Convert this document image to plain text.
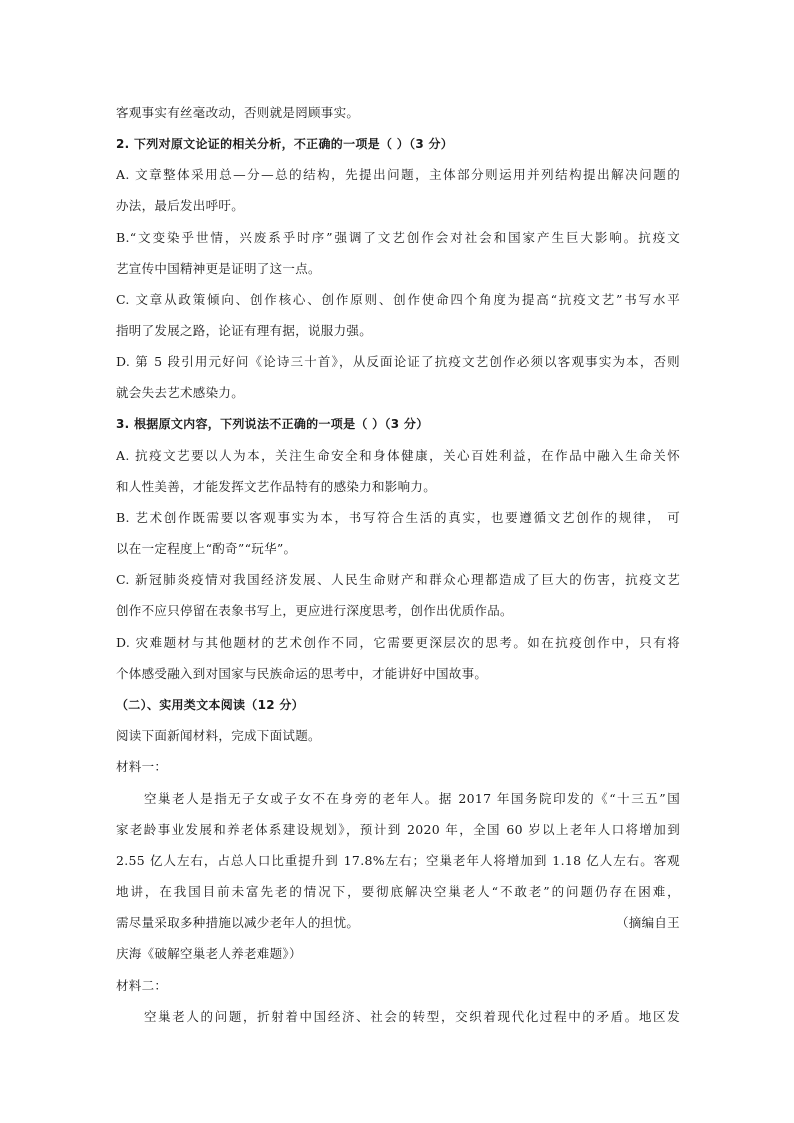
客观事实有丝毫改动，否则就是罔顾事实。
2. 下列对原文论证的相关分析，不正确的一项是（ ）（3 分）
A. 文章整体采用总—分—总的结构，先提出问题，主体部分则运用并列结构提出解决问题的
办法，最后发出呼吁。
B.“文变染乎世情，兴废系乎时序”强调了文艺创作会对社会和国家产生巨大影响。抗疫文
艺宣传中国精神更是证明了这一点。
C. 文章从政策倾向、创作核心、创作原则、创作使命四个角度为提高“抗疫文艺”书写水平
指明了发展之路，论证有理有据，说服力强。
D. 第 5 段引用元好问《论诗三十首》，从反面论证了抗疫文艺创作必须以客观事实为本，否则
就会失去艺术感染力。
3. 根据原文内容，下列说法不正确的一项是（ ）（3 分）
A. 抗疫文艺要以人为本，关注生命安全和身体健康，关心百姓利益，在作品中融入生命关怀
和人性美善，才能发挥文艺作品特有的感染力和影响力。
B. 艺术创作既需要以客观事实为本，书写符合生活的真实，也要遵循文艺创作的规律， 可
以在一定程度上“酌奇”“玩华”。
C. 新冠肺炎疫情对我国经济发展、人民生命财产和群众心理都造成了巨大的伤害，抗疫文艺
创作不应只停留在表象书写上，更应进行深度思考，创作出优质作品。
D. 灾难题材与其他题材的艺术创作不同，它需要更深层次的思考。如在抗疫创作中，只有将
个体感受融入到对国家与民族命运的思考中，才能讲好中国故事。
（二）、实用类文本阅读（12 分）
阅读下面新闻材料，完成下面试题。
材料一：
空巢老人是指无子女或子女不在身旁的老年人。据 2017 年国务院印发的《“十三五”国
家老龄事业发展和养老体系建设规划》，预计到 2020 年，全国 60 岁以上老年人口将增加到
2.55 亿人左右，占总人口比重提升到 17.8%左右；空巢老年人将增加到 1.18 亿人左右。客观
地讲，在我国目前未富先老的情况下，要彻底解决空巢老人“不敢老”的问题仍存在困难，
需尽量采取多种措施以减少老年人的担忧。	（摘编自王
庆海《破解空巢老人养老难题》）
材料二：
空巢老人的问题，折射着中国经济、社会的转型，交织着现代化过程中的矛盾。地区发
